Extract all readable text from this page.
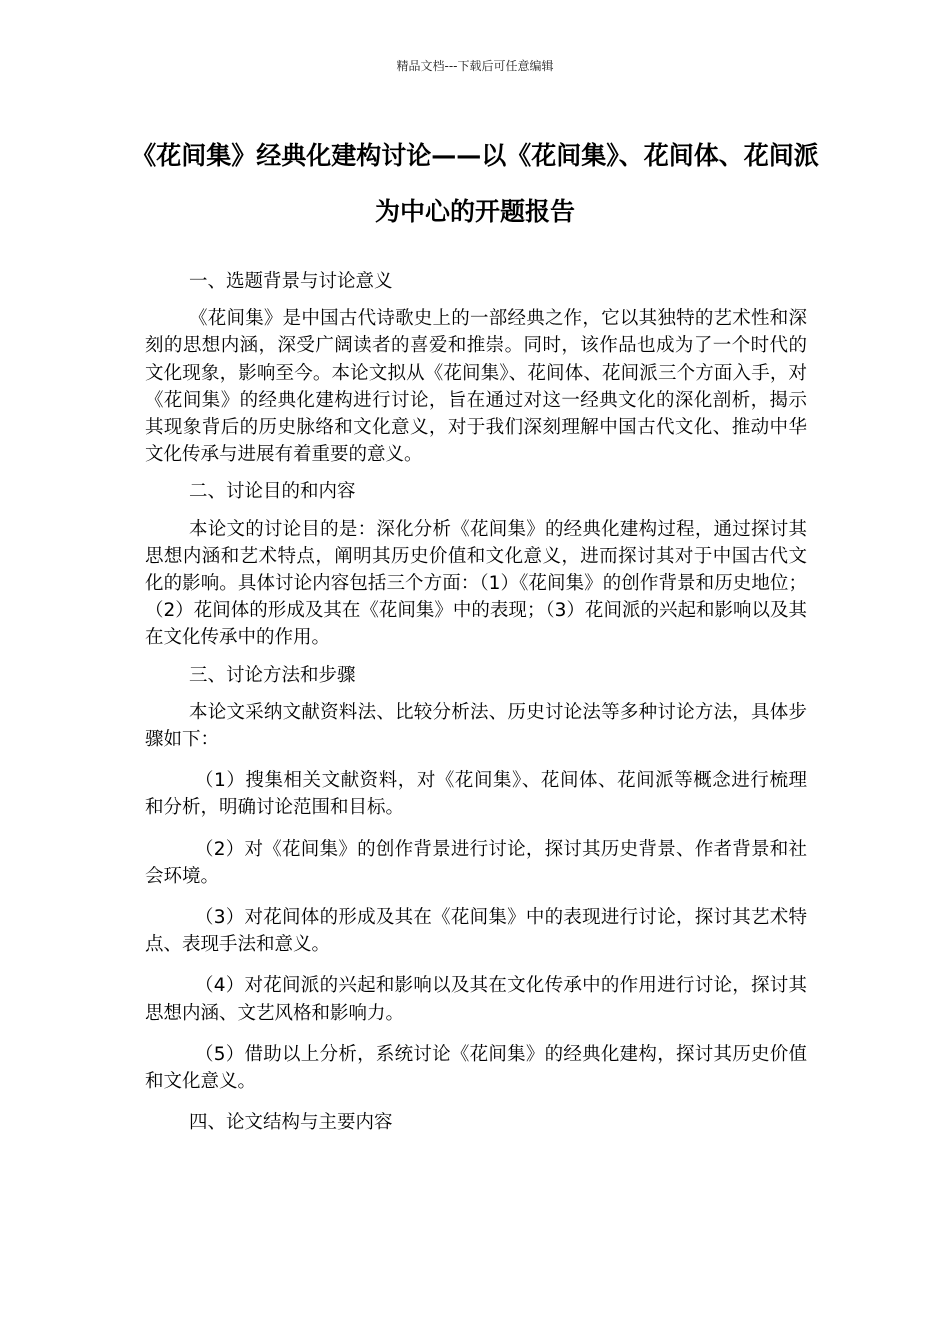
精品文档---下载后可任意编辑
《花间集》经典化建构讨论——以《花间集》、花间体、花间派为中心的开题报告

一、选题背景与讨论意义

《花间集》是中国古代诗歌史上的一部经典之作，它以其独特的艺术性和深刻的思想内涵，深受广阔读者的喜爱和推崇。同时，该作品也成为了一个时代的文化现象，影响至今。本论文拟从《花间集》、花间体、花间派三个方面入手，对《花间集》的经典化建构进行讨论，旨在通过对这一经典文化的深化剖析，揭示其现象背后的历史脉络和文化意义，对于我们深刻理解中国古代文化、推动中华文化传承与进展有着重要的意义。

二、讨论目的和内容

本论文的讨论目的是：深化分析《花间集》的经典化建构过程，通过探讨其思想内涵和艺术特点，阐明其历史价值和文化意义，进而探讨其对于中国古代文化的影响。具体讨论内容包括三个方面：（1）《花间集》的创作背景和历史地位；（2）花间体的形成及其在《花间集》中的表现；（3）花间派的兴起和影响以及其在文化传承中的作用。

三、讨论方法和步骤

本论文采纳文献资料法、比较分析法、历史讨论法等多种讨论方法，具体步骤如下：

（1）搜集相关文献资料，对《花间集》、花间体、花间派等概念进行梳理和分析，明确讨论范围和目标。

（2）对《花间集》的创作背景进行讨论，探讨其历史背景、作者背景和社会环境。

（3）对花间体的形成及其在《花间集》中的表现进行讨论，探讨其艺术特点、表现手法和意义。

（4）对花间派的兴起和影响以及其在文化传承中的作用进行讨论，探讨其思想内涵、文艺风格和影响力。

（5）借助以上分析，系统讨论《花间集》的经典化建构，探讨其历史价值和文化意义。

四、论文结构与主要内容
